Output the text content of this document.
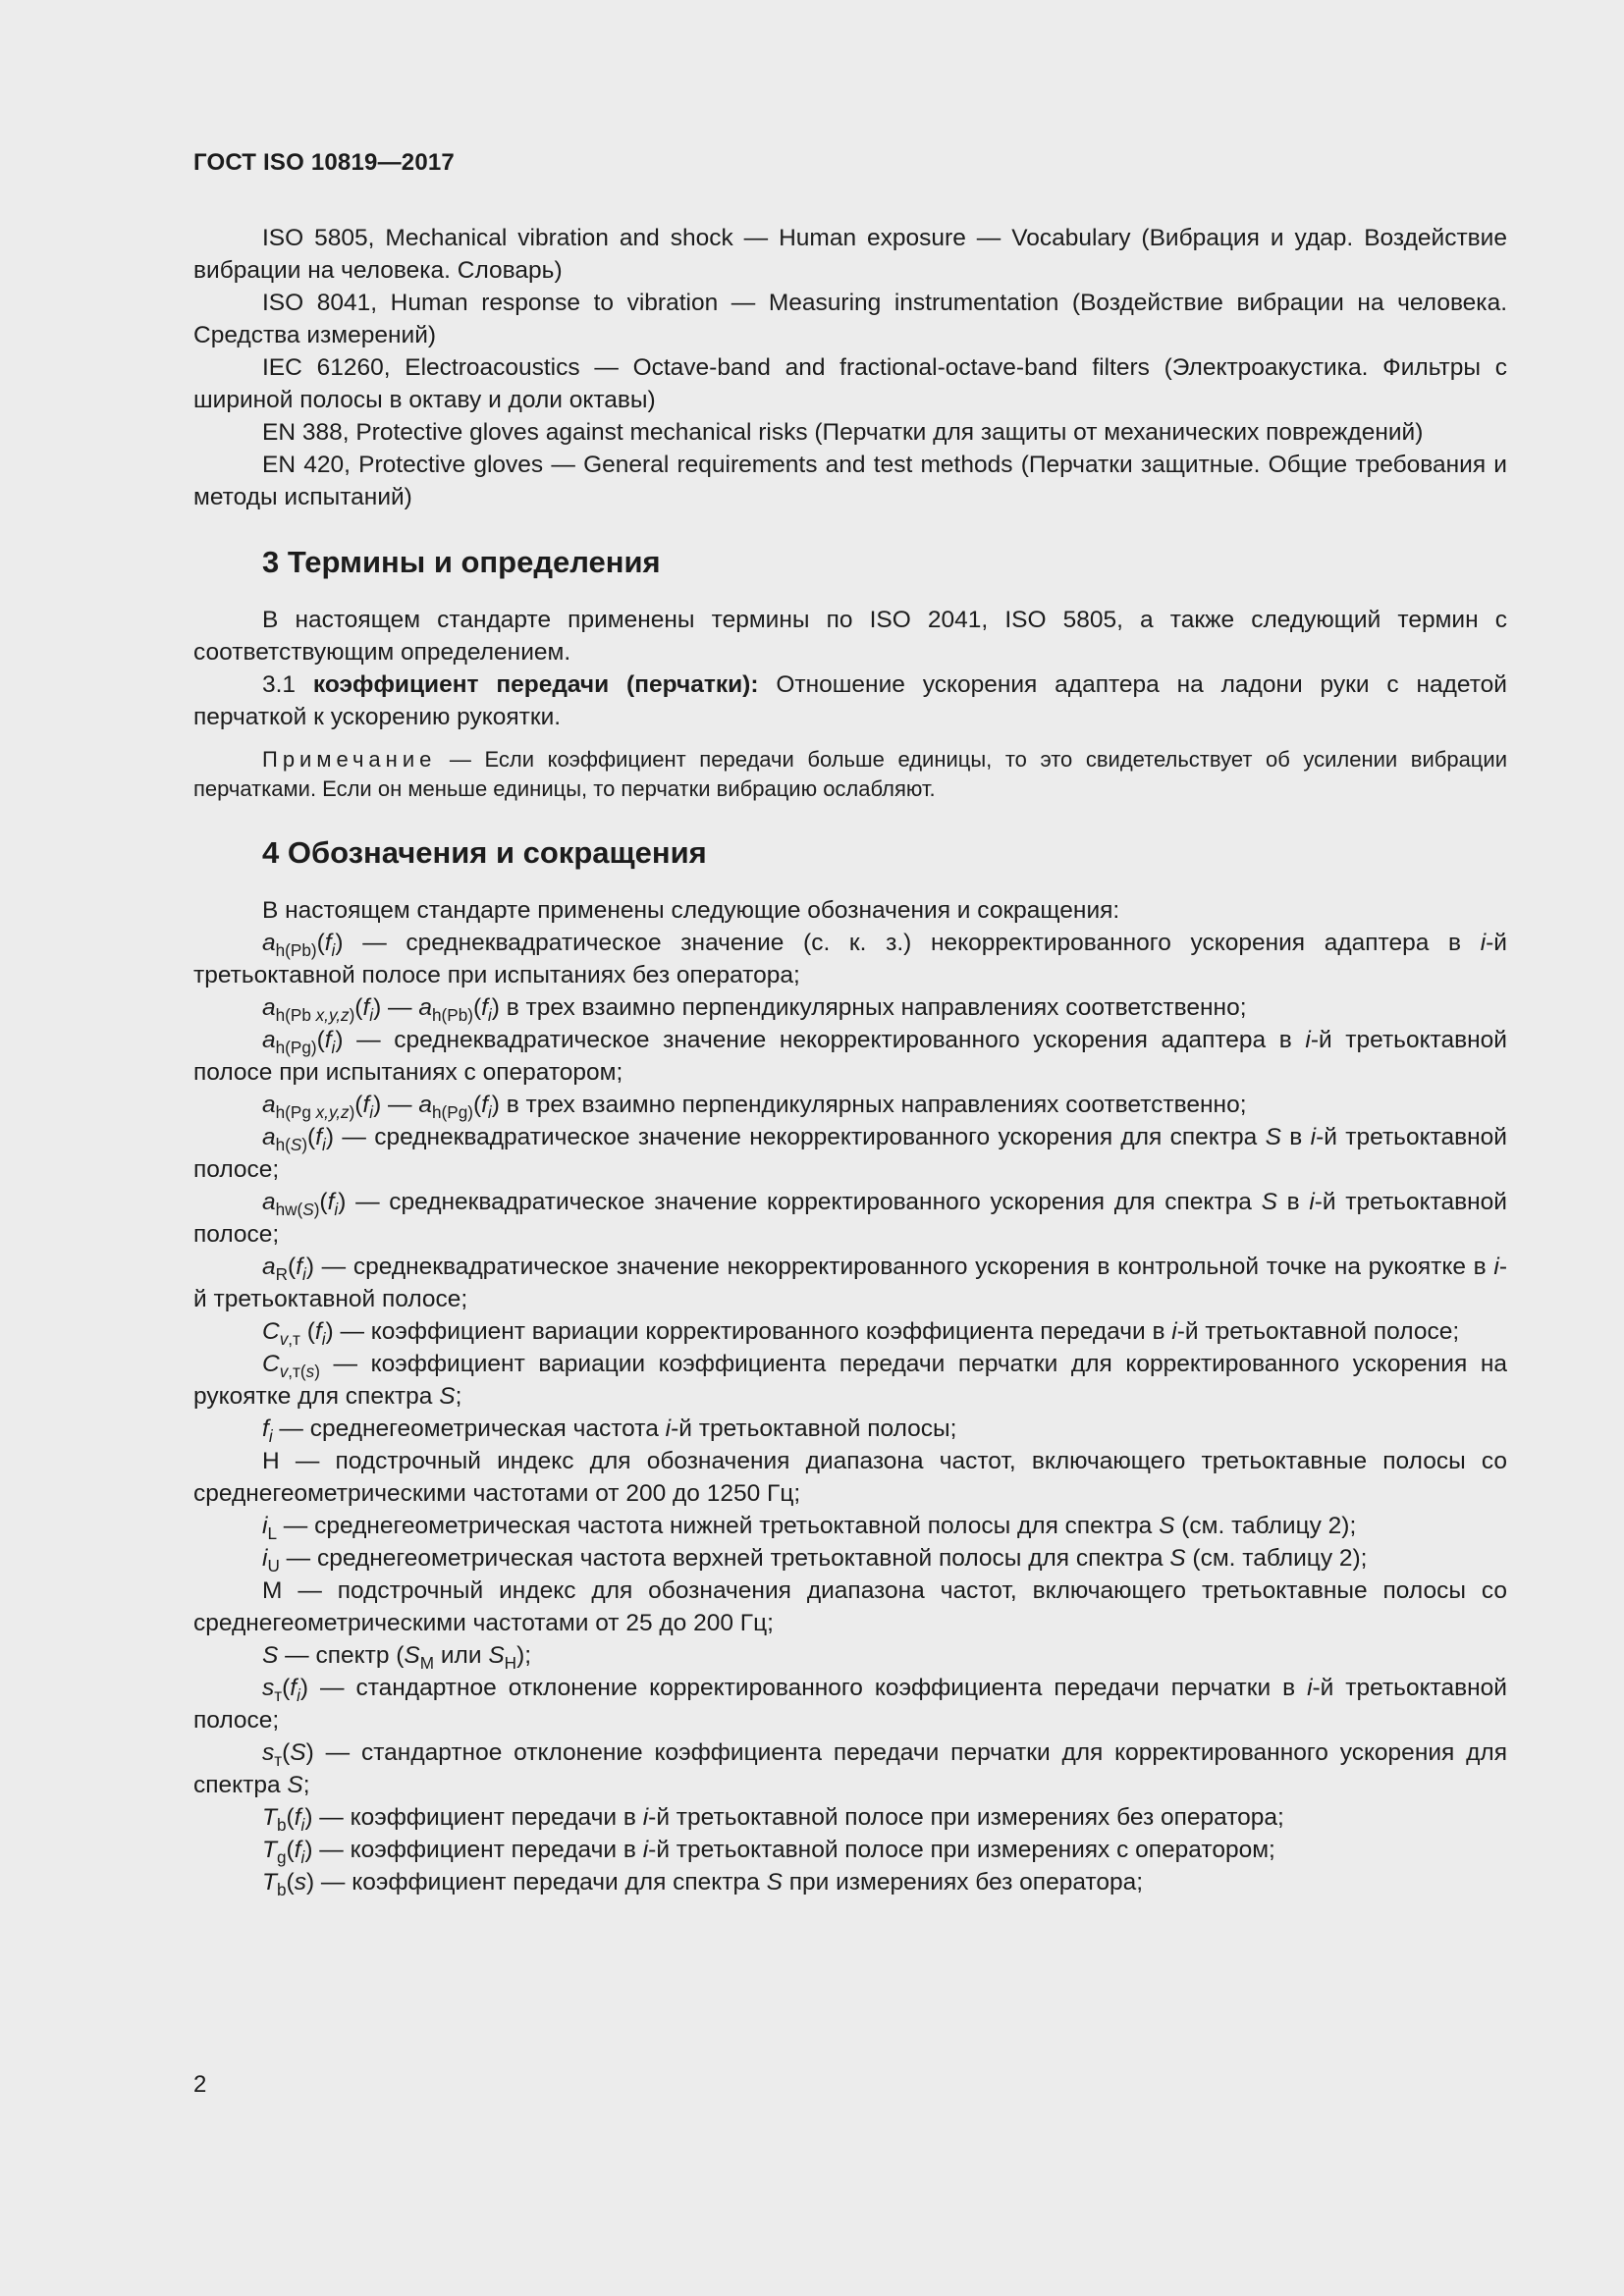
ГОСТ ISO 10819—2017

ISO 5805, Mechanical vibration and shock — Human exposure — Vocabulary (Вибрация и удар. Воздействие вибрации на человека. Словарь)

ISO 8041, Human response to vibration — Measuring instrumentation (Воздействие вибрации на человека. Средства измерений)

IEC 61260, Electroacoustics — Octave-band and fractional-octave-band filters (Электроакустика. Фильтры с шириной полосы в октаву и доли октавы)

EN 388, Protective gloves against mechanical risks (Перчатки для защиты от механических повреждений)

EN 420, Protective gloves — General requirements and test methods (Перчатки защитные. Общие требования и методы испытаний)

3 Термины и определения

В настоящем стандарте применены термины по ISO 2041, ISO 5805, а также следующий термин с соответствующим определением.

3.1 коэффициент передачи (перчатки): Отношение ускорения адаптера на ладони руки с надетой перчаткой к ускорению рукоятки.

Примечание — Если коэффициент передачи больше единицы, то это свидетельствует об усилении вибрации перчатками. Если он меньше единицы, то перчатки вибрацию ослабляют.

4 Обозначения и сокращения

В настоящем стандарте применены следующие обозначения и сокращения:

$a_{h(Pb)}(f_i)$ — среднеквадратическое значение (с. к. з.) некорректированного ускорения адаптера в i-й третьоктавной полосе при испытаниях без оператора;

$a_{h(Pb x,y,z)}(f_i)$ — $a_{h(Pb)}(f_i)$ в трех взаимно перпендикулярных направлениях соответственно;

$a_{h(Pg)}(f_i)$ — среднеквадратическое значение некорректированного ускорения адаптера в i-й третьоктавной полосе при испытаниях с оператором;

$a_{h(Pg x,y,z)}(f_i)$ — $a_{h(Pg)}(f_i)$ в трех взаимно перпендикулярных направлениях соответственно;

$a_{h(S)}(f_i)$ — среднеквадратическое значение некорректированного ускорения для спектра S в i-й третьоктавной полосе;

$a_{hw(S)}(f_i)$ — среднеквадратическое значение корректированного ускорения для спектра S в i-й третьоктавной полосе;

$a_R(f_i)$ — среднеквадратическое значение некорректированного ускорения в контрольной точке на рукоятке в i-й третьоктавной полосе;

$C_{v,т}$ $(f_i)$ — коэффициент вариации корректированного коэффициента передачи в i-й третьоктавной полосе;

$C_{v,т(s)}$ — коэффициент вариации коэффициента передачи перчатки для корректированного ускорения на рукоятке для спектра S;

$f_i$ — среднегеометрическая частота i-й третьоктавной полосы;

Н — подстрочный индекс для обозначения диапазона частот, включающего третьоктавные полосы со среднегеометрическими частотами от 200 до 1250 Гц;

$i_L$ — среднегеометрическая частота нижней третьоктавной полосы для спектра S (см. таблицу 2);

$i_U$ — среднегеометрическая частота верхней третьоктавной полосы для спектра S (см. таблицу 2);

М — подстрочный индекс для обозначения диапазона частот, включающего третьоктавные полосы со среднегеометрическими частотами от 25 до 200 Гц;

S — спектр ($S_М$ или $S_Н$);

$s_т(f_i)$ — стандартное отклонение корректированного коэффициента передачи перчатки в i-й третьоктавной полосе;

$s_т(S)$ — стандартное отклонение коэффициента передачи перчатки для корректированного ускорения для спектра S;

$T_b(f_i)$ — коэффициент передачи в i-й третьоктавной полосе при измерениях без оператора;

$T_g(f_i)$ — коэффициент передачи в i-й третьоктавной полосе при измерениях с оператором;

$T_b(s)$ — коэффициент передачи для спектра S при измерениях без оператора;

2
